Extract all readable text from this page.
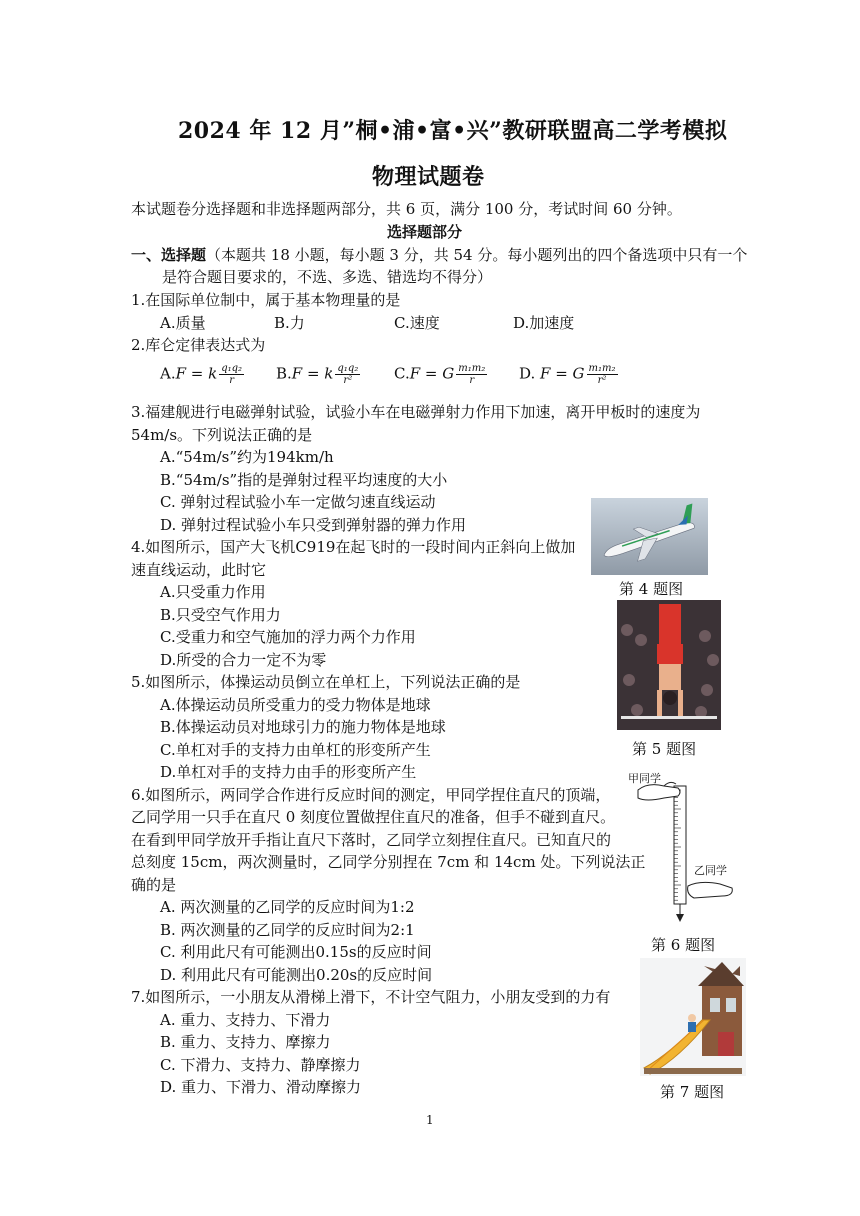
2024 年 12 月”桐•浦•富•兴”教研联盟高二学考模拟
物理试题卷
本试题卷分选择题和非选择题两部分，共 6 页，满分 100 分，考试时间 60 分钟。
选择题部分
一、选择题（本题共 18 小题，每小题 3 分，共 54 分。每小题列出的四个备选项中只有一个
是符合题目要求的，不选、多选、错选均不得分）
1.在国际单位制中，属于基本物理量的是
A.质量	B.力	C.速度	D.加速度
2.库仑定律表达式为
A.F = k $\frac{\text{q₁q₂}}{r} B.F = k \frac{\text{q₁q₂}}{\text{r²}} C.F = G \frac{\text{m₁m₂}}{r} D$. F = G $\frac{\text{m₁m₂}}{\text{r²}}$
3.福建舰进行电磁弹射试验，试验小车在电磁弹射力作用下加速，离开甲板时的速度为
54m/s。下列说法正确的是
A.“54m/s”约为194km/h
B.“54m/s”指的是弹射过程平均速度的大小
C. 弹射过程试验小车一定做匀速直线运动
D. 弹射过程试验小车只受到弹射器的弹力作用
4.如图所示，国产大飞机C919在起飞时的一段时间内正斜向上做加
速直线运动，此时它
A.只受重力作用
B.只受空气作用力
C.受重力和空气施加的浮力两个力作用
D.所受的合力一定不为零
第 4 题图
第 5 题图
5.如图所示，体操运动员倒立在单杠上，下列说法正确的是
A.体操运动员所受重力的受力物体是地球
B.体操运动员对地球引力的施力物体是地球
C.单杠对手的支持力由单杠的形变所产生
D.单杠对手的支持力由手的形变所产生
6.如图所示，两同学合作进行反应时间的测定，甲同学捏住直尺的顶端，
乙同学用一只手在直尺 0 刻度位置做捏住直尺的准备，但手不碰到直尺。
在看到甲同学放开手指让直尺下落时，乙同学立刻捏住直尺。已知直尺的
总刻度 15cm，两次测量时，乙同学分别捏在 7cm 和 14cm 处。下列说法正
确的是
A. 两次测量的乙同学的反应时间为1:2
B. 两次测量的乙同学的反应时间为2:1
C. 利用此尺有可能测出0.15s的反应时间
D. 利用此尺有可能测出0.20s的反应时间
甲同学
乙同学
第 6 题图
7.如图所示，一小朋友从滑梯上滑下，不计空气阻力，小朋友受到的力有
A. 重力、支持力、下滑力
B. 重力、支持力、摩擦力
C. 下滑力、支持力、静摩擦力
D. 重力、下滑力、滑动摩擦力	第 7 题图
1
